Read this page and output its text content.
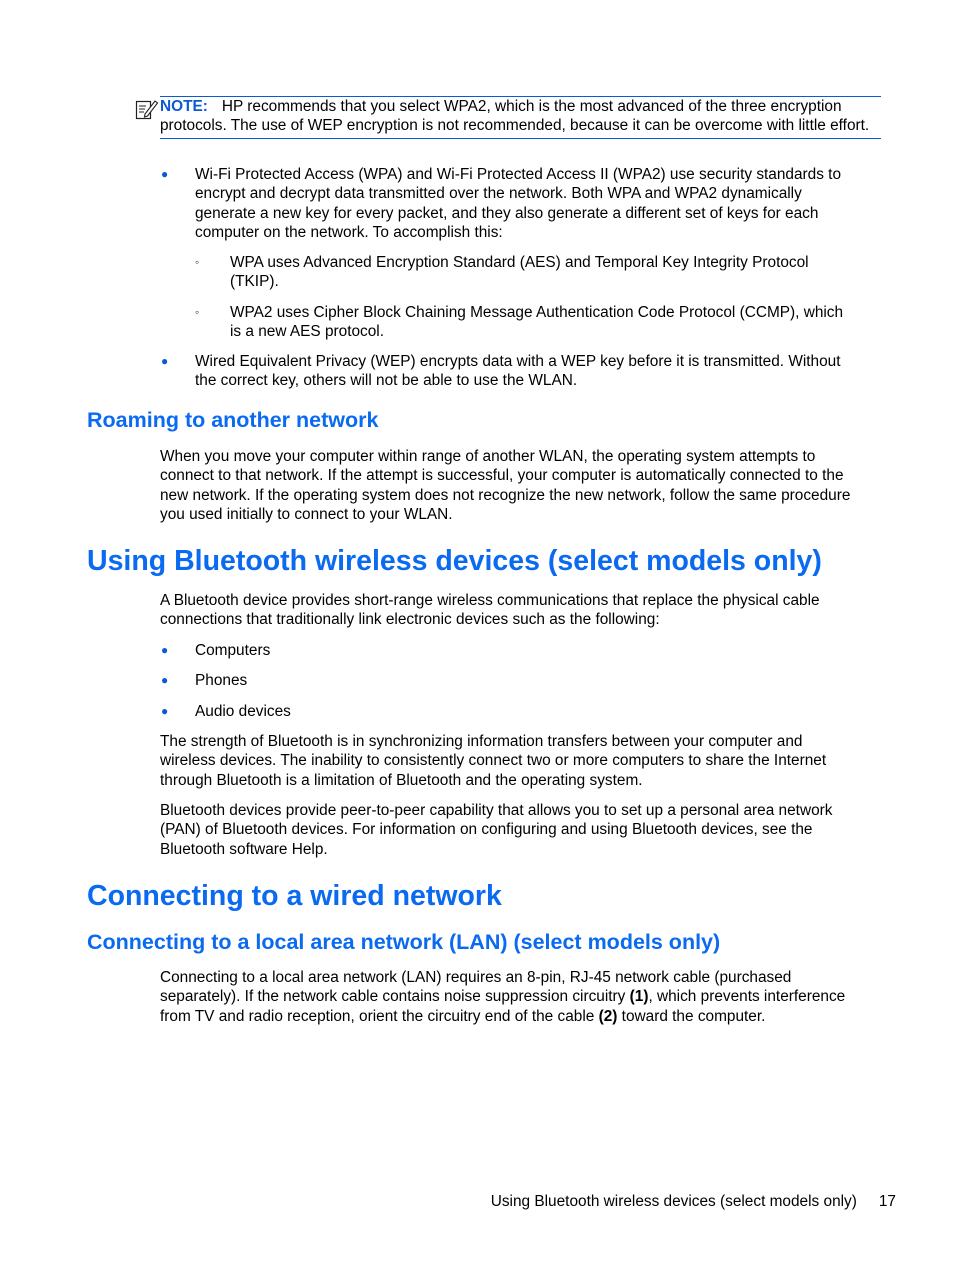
NOTE: HP recommends that you select WPA2, which is the most advanced of the three encryption protocols. The use of WEP encryption is not recommended, because it can be overcome with little effort.
● Wi-Fi Protected Access (WPA) and Wi-Fi Protected Access II (WPA2) use security standards to
encrypt and decrypt data transmitted over the network. Both WPA and WPA2 dynamically
generate a new key for every packet, and they also generate a different set of keys for each
computer on the network. To accomplish this:
◦ WPA uses Advanced Encryption Standard (AES) and Temporal Key Integrity Protocol
(TKIP).
◦ WPA2 uses Cipher Block Chaining Message Authentication Code Protocol (CCMP), which
is a new AES protocol.
● Wired Equivalent Privacy (WEP) encrypts data with a WEP key before it is transmitted. Without
the correct key, others will not be able to use the WLAN.
Roaming to another network
When you move your computer within range of another WLAN, the operating system attempts to
connect to that network. If the attempt is successful, your computer is automatically connected to the
new network. If the operating system does not recognize the new network, follow the same procedure
you used initially to connect to your WLAN.
Using Bluetooth wireless devices (select models only)
A Bluetooth device provides short-range wireless communications that replace the physical cable
connections that traditionally link electronic devices such as the following:
● Computers
● Phones
● Audio devices
The strength of Bluetooth is in synchronizing information transfers between your computer and
wireless devices. The inability to consistently connect two or more computers to share the Internet
through Bluetooth is a limitation of Bluetooth and the operating system.
Bluetooth devices provide peer-to-peer capability that allows you to set up a personal area network
(PAN) of Bluetooth devices. For information on configuring and using Bluetooth devices, see the
Bluetooth software Help.
Connecting to a wired network
Connecting to a local area network (LAN) (select models only)
Connecting to a local area network (LAN) requires an 8-pin, RJ-45 network cable (purchased
separately). If the network cable contains noise suppression circuitry (1), which prevents interference
from TV and radio reception, orient the circuitry end of the cable (2) toward the computer.
Using Bluetooth wireless devices (select models only) 17
